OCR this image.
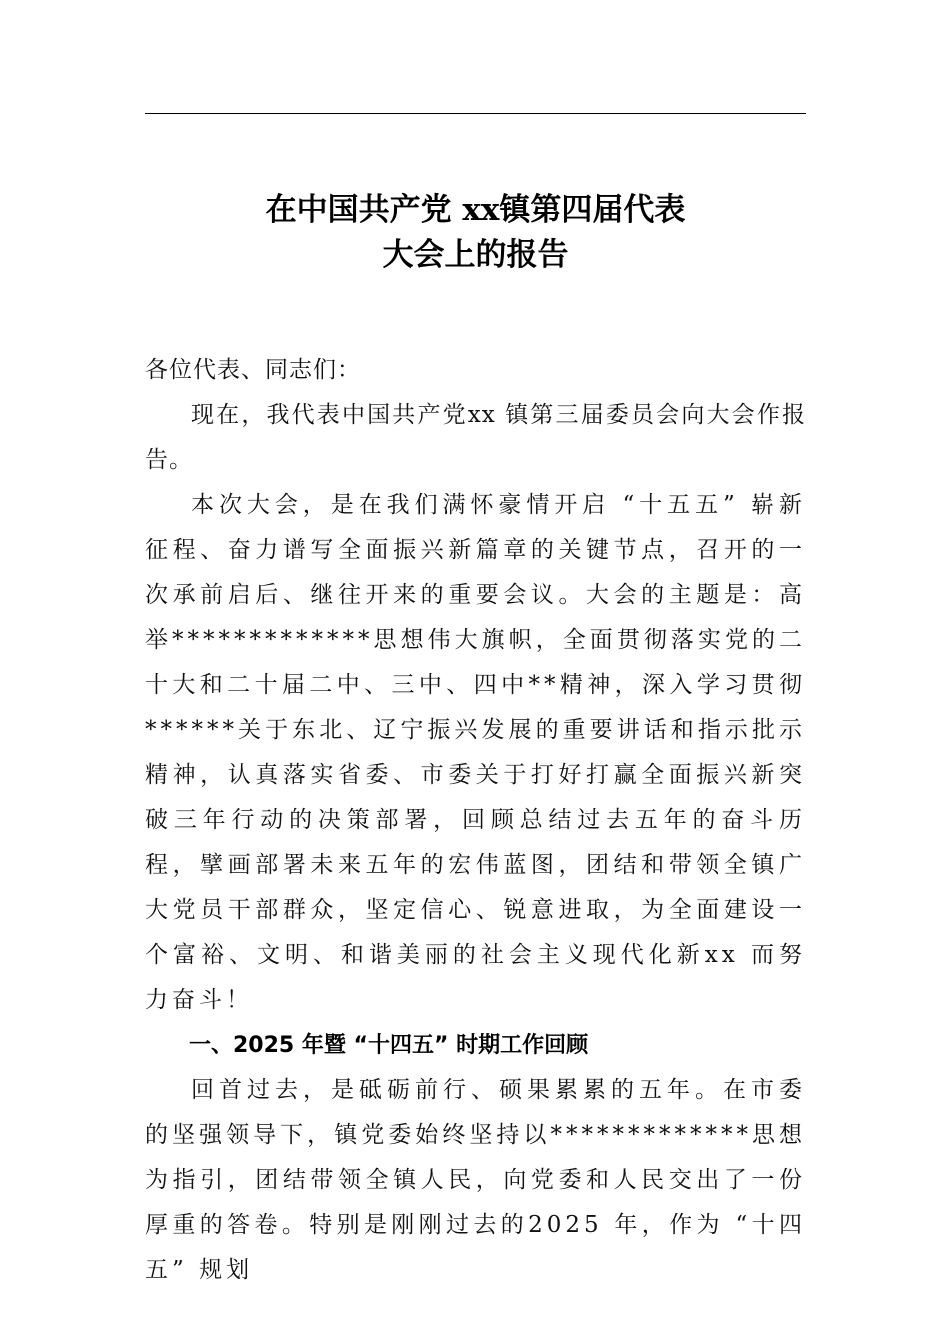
在中国共产党 xx镇第四届代表
大会上的报告

各位代表、同志们：

现在，我代表中国共产党xx 镇第三届委员会向大会作报告。

本次大会，是在我们满怀豪情开启 “十五五” 崭新征程、奋力谱写全面振兴新篇章的关键节点，召开的一次承前启后、继往开来的重要会议。大会的主题是：高举*************思想伟大旗帜，全面贯彻落实党的二十大和二十届二中、三中、四中**精神，深入学习贯彻******关于东北、辽宁振兴发展的重要讲话和指示批示精神，认真落实省委、市委关于打好打赢全面振兴新突破三年行动的决策部署，回顾总结过去五年的奋斗历程，擘画部署未来五年的宏伟蓝图，团结和带领全镇广大党员干部群众，坚定信心、锐意进取，为全面建设一个富裕、文明、和谐美丽的社会主义现代化新xx 而努力奋斗！

一、2025 年暨 “十四五” 时期工作回顾

回首过去，是砥砺前行、硕果累累的五年。在市委的坚强领导下，镇党委始终坚持以*************思想为指引，团结带领全镇人民，向党委和人民交出了一份厚重的答卷。特别是刚刚过去的2025 年，作为 “十四五” 规划
